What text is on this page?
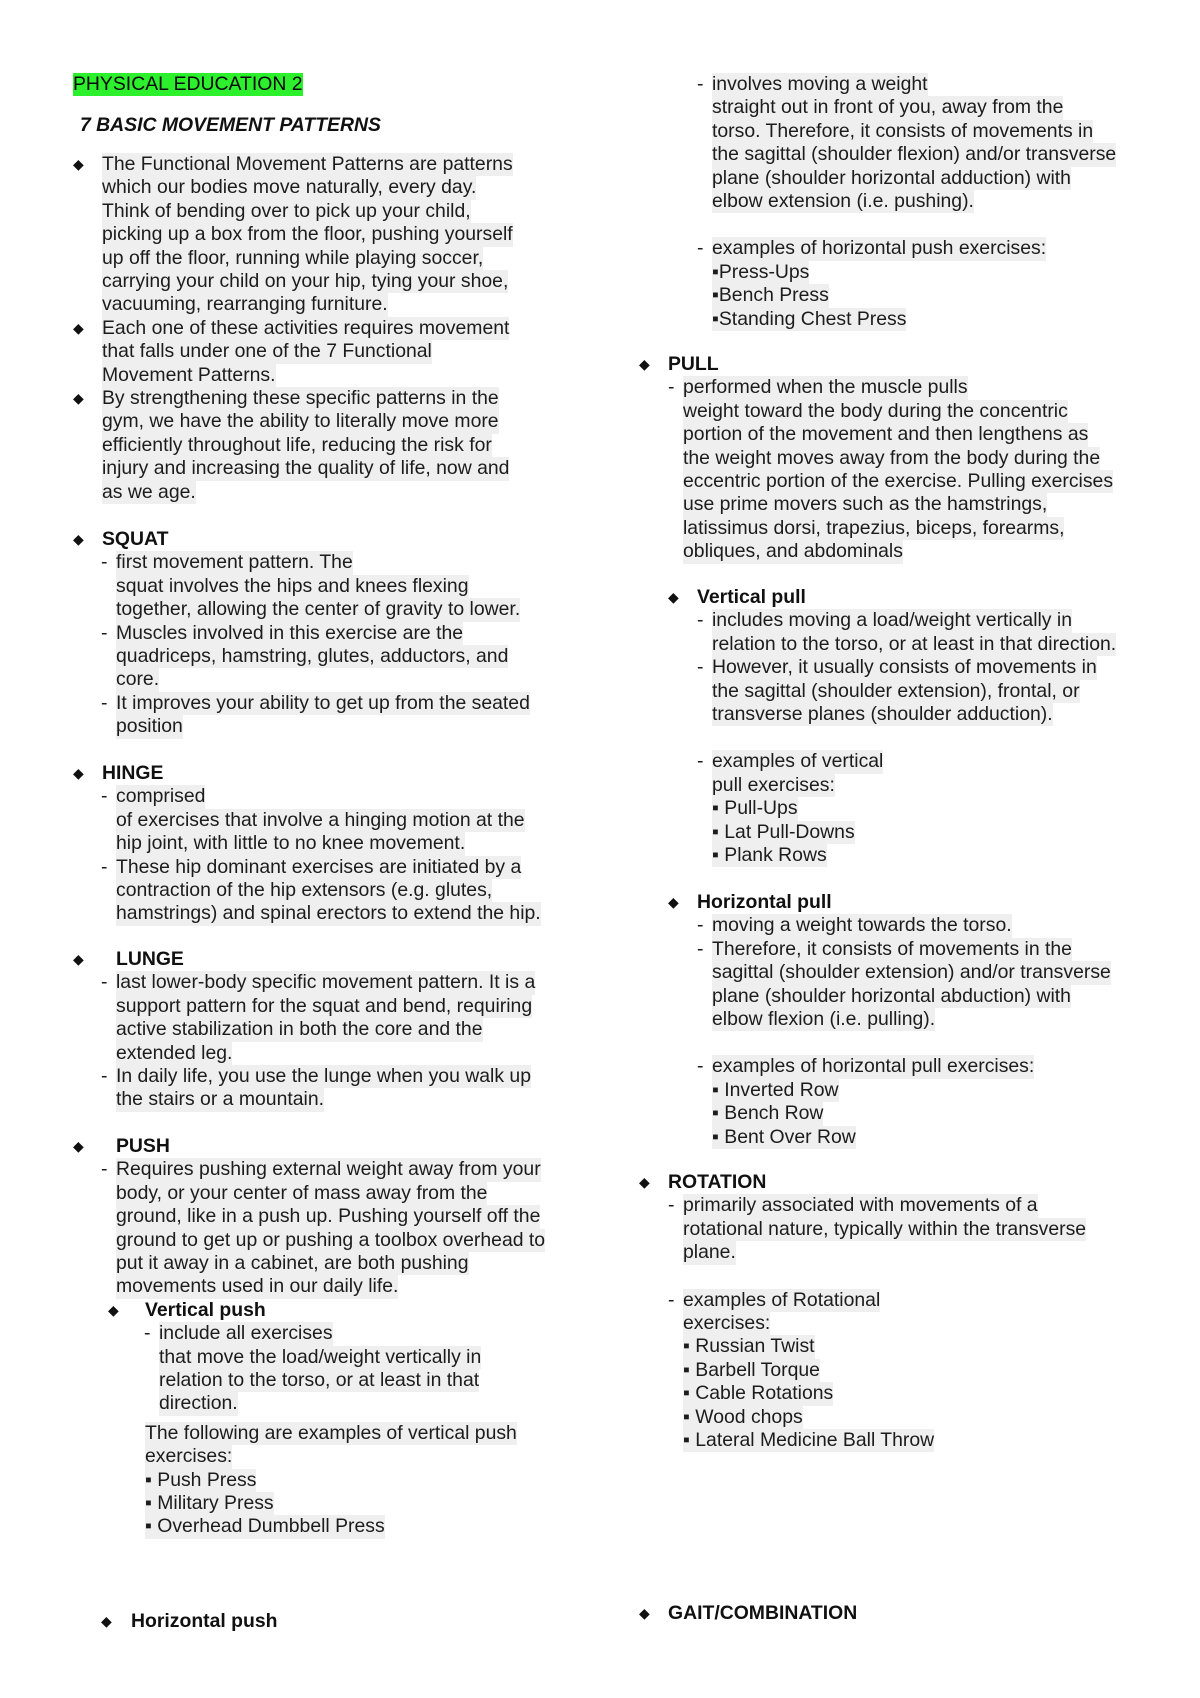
PHYSICAL EDUCATION 2
7 BASIC MOVEMENT PATTERNS
◆ The Functional Movement Patterns are patterns
which our bodies move naturally, every day.
Think of bending over to pick up your child,
picking up a box from the floor, pushing yourself
up off the floor, running while playing soccer,
carrying your child on your hip, tying your shoe,
vacuuming, rearranging furniture.
◆ Each one of these activities requires movement
that falls under one of the 7 Functional
Movement Patterns.
◆ By strengthening these specific patterns in the
gym, we have the ability to literally move more
efficiently throughout life, reducing the risk for
injury and increasing the quality of life, now and
as we age.
◆ SQUAT
- first movement pattern. The
squat involves the hips and knees flexing
together, allowing the center of gravity to lower.
- Muscles involved in this exercise are the
quadriceps, hamstring, glutes, adductors, and
core.
- It improves your ability to get up from the seated
position
◆ HINGE
- comprised
of exercises that involve a hinging motion at the
hip joint, with little to no knee movement.
- These hip dominant exercises are initiated by a
contraction of the hip extensors (e.g. glutes,
hamstrings) and spinal erectors to extend the hip.
◆ LUNGE
- last lower-body specific movement pattern. It is a
support pattern for the squat and bend, requiring
active stabilization in both the core and the
extended leg.
- In daily life, you use the lunge when you walk up
the stairs or a mountain.
◆ PUSH
- Requires pushing external weight away from your
body, or your center of mass away from the
ground, like in a push up. Pushing yourself off the
ground to get up or pushing a toolbox overhead to
put it away in a cabinet, are both pushing
movements used in our daily life.
◆ Vertical push
- include all exercises
that move the load/weight vertically in
relation to the torso, or at least in that
direction.
The following are examples of vertical push
exercises:
▪ Push Press
▪ Military Press
▪ Overhead Dumbbell Press
◆ Horizontal push
- involves moving a weight
straight out in front of you, away from the
torso. Therefore, it consists of movements in
the sagittal (shoulder flexion) and/or transverse
plane (shoulder horizontal adduction) with
elbow extension (i.e. pushing).
- examples of horizontal push exercises:
▪Press-Ups
▪Bench Press
▪Standing Chest Press
◆ PULL
- performed when the muscle pulls
weight toward the body during the concentric
portion of the movement and then lengthens as
the weight moves away from the body during the
eccentric portion of the exercise. Pulling exercises
use prime movers such as the hamstrings,
latissimus dorsi, trapezius, biceps, forearms,
obliques, and abdominals
◆ Vertical pull
- includes moving a load/weight vertically in
relation to the torso, or at least in that direction.
- However, it usually consists of movements in
the sagittal (shoulder extension), frontal, or
transverse planes (shoulder adduction).
- examples of vertical
pull exercises:
▪ Pull-Ups
▪ Lat Pull-Downs
▪ Plank Rows
◆ Horizontal pull
- moving a weight towards the torso.
- Therefore, it consists of movements in the
sagittal (shoulder extension) and/or transverse
plane (shoulder horizontal abduction) with
elbow flexion (i.e. pulling).
- examples of horizontal pull exercises:
▪ Inverted Row
▪ Bench Row
▪ Bent Over Row
◆ ROTATION
- primarily associated with movements of a
rotational nature, typically within the transverse
plane.
- examples of Rotational
exercises:
▪ Russian Twist
▪ Barbell Torque
▪ Cable Rotations
▪ Wood chops
▪ Lateral Medicine Ball Throw
◆ GAIT/COMBINATION
